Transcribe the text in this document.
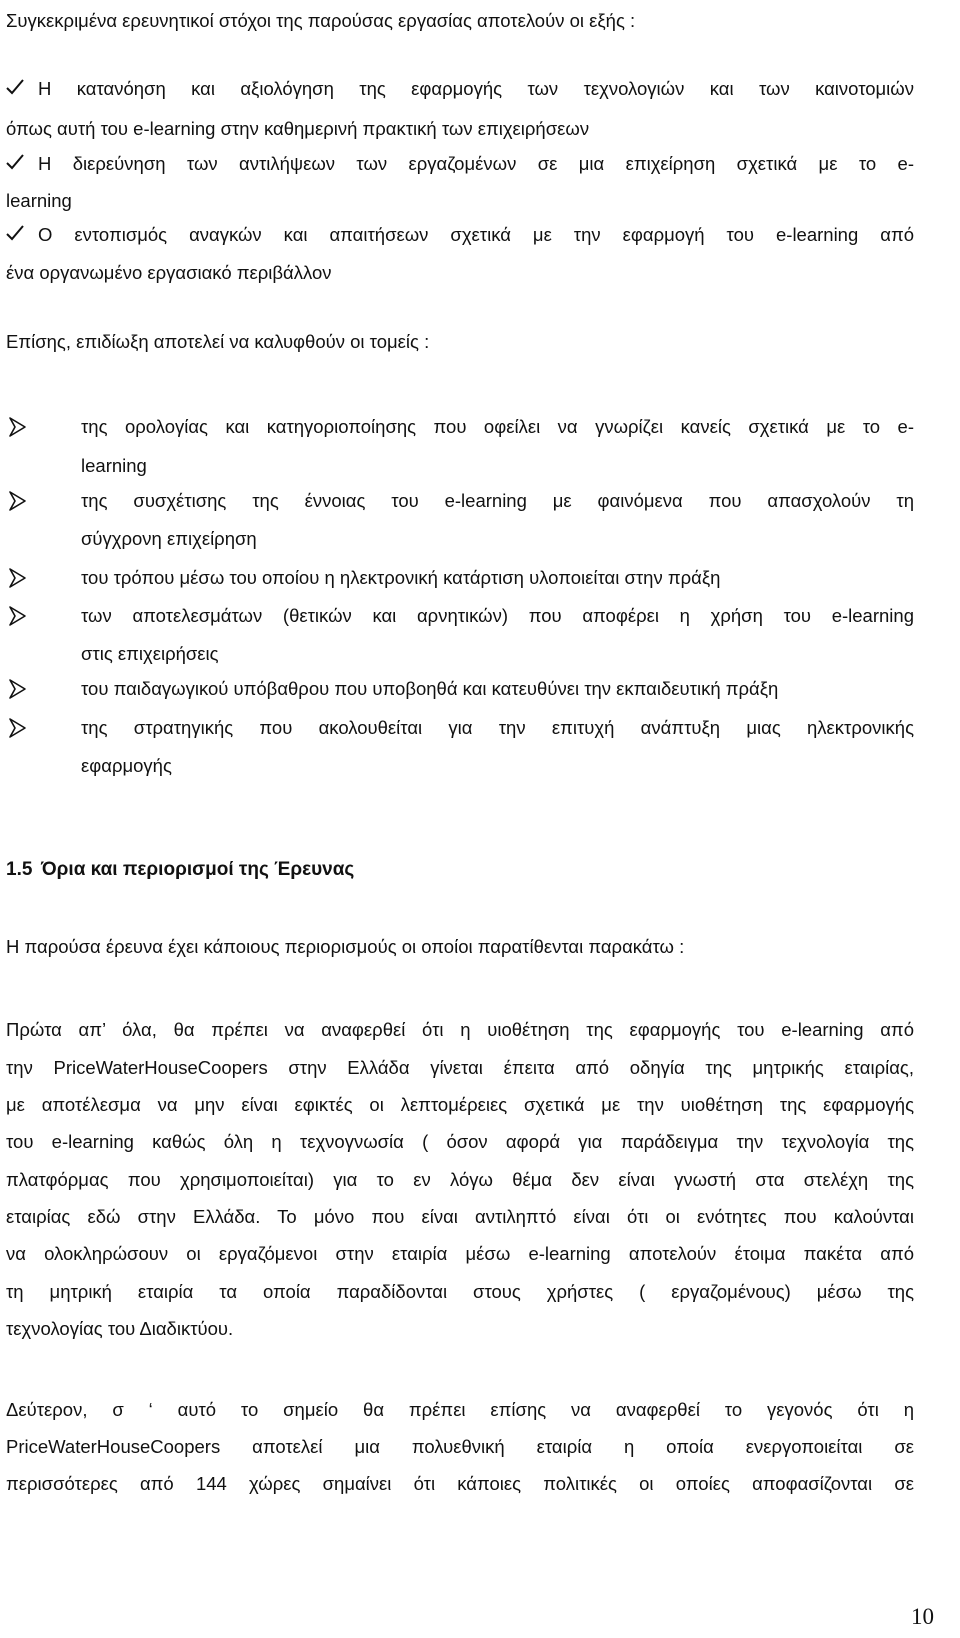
Συγκεκριμένα ερευνητικοί στόχοι της παρούσας εργασίας αποτελούν οι εξής :
Η κατανόηση και αξιολόγηση της εφαρμογής των τεχνολογιών και των καινοτομιών
όπως αυτή του e-learning στην καθημερινή πρακτική των επιχειρήσεων
Η διερεύνηση των αντιλήψεων των εργαζομένων σε μια επιχείρηση σχετικά με το e-
learning
Ο εντοπισμός αναγκών και απαιτήσεων σχετικά με την εφαρμογή του e-learning από
ένα οργανωμένο εργασιακό περιβάλλον
Επίσης, επιδίωξη αποτελεί να καλυφθούν οι τομείς :
της ορολογίας και κατηγοριοποίησης που οφείλει να γνωρίζει κανείς σχετικά με το e-
learning
της συσχέτισης της έννοιας του e-learning με φαινόμενα που απασχολούν τη
σύγχρονη επιχείρηση
του τρόπου μέσω του οποίου η ηλεκτρονική κατάρτιση υλοποιείται στην πράξη
των αποτελεσμάτων (θετικών και αρνητικών) που αποφέρει η χρήση του e-learning
στις επιχειρήσεις
του παιδαγωγικού υπόβαθρου που υποβοηθά και κατευθύνει την εκπαιδευτική πράξη
της στρατηγικής που ακολουθείται για την επιτυχή ανάπτυξη μιας ηλεκτρονικής
εφαρμογής
1.5 Όρια και περιορισμοί της Έρευνας
Η παρούσα έρευνα έχει κάποιους περιορισμούς οι οποίοι παρατίθενται παρακάτω :
Πρώτα απ’ όλα, θα πρέπει να αναφερθεί ότι η υιοθέτηση της εφαρμογής του e-learning από
την PriceWaterHouseCoopers στην Ελλάδα γίνεται έπειτα από οδηγία της μητρικής εταιρίας,
με αποτέλεσμα να μην είναι εφικτές οι λεπτομέρειες σχετικά με την υιοθέτηση της εφαρμογής
του e-learning καθώς όλη η τεχνογνωσία ( όσον αφορά για παράδειγμα την τεχνολογία της
πλατφόρμας που χρησιμοποιείται) για το εν λόγω θέμα δεν είναι γνωστή στα στελέχη της
εταιρίας εδώ στην Ελλάδα. Το μόνο που είναι αντιληπτό είναι ότι οι ενότητες που καλούνται
να ολοκληρώσουν οι εργαζόμενοι στην εταιρία μέσω e-learning αποτελούν έτοιμα πακέτα από
τη μητρική εταιρία τα οποία παραδίδονται στους χρήστες ( εργαζομένους) μέσω της
τεχνολογίας του Διαδικτύου.
Δεύτερον, σ ‘ αυτό το σημείο θα πρέπει επίσης να αναφερθεί το γεγονός ότι η
PriceWaterHouseCoopers αποτελεί μια πολυεθνική εταιρία η οποία ενεργοποιείται σε
περισσότερες από 144 χώρες σημαίνει ότι κάποιες πολιτικές οι οποίες αποφασίζονται σε
10
